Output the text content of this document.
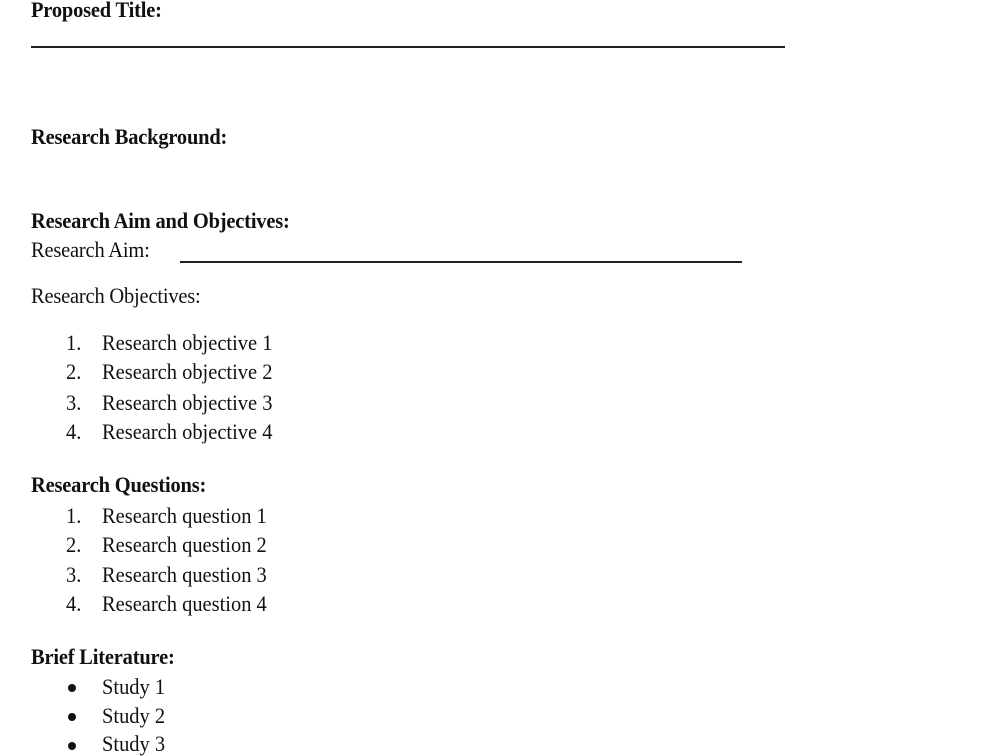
Proposed Title:
Research Background:
Research Aim and Objectives:
Research Aim:
Research Objectives:
1. Research objective 1
2. Research objective 2
3. Research objective 3
4. Research objective 4
Research Questions:
1. Research question 1
2. Research question 2
3. Research question 3
4. Research question 4
Brief Literature:
Study 1
Study 2
Study 3
